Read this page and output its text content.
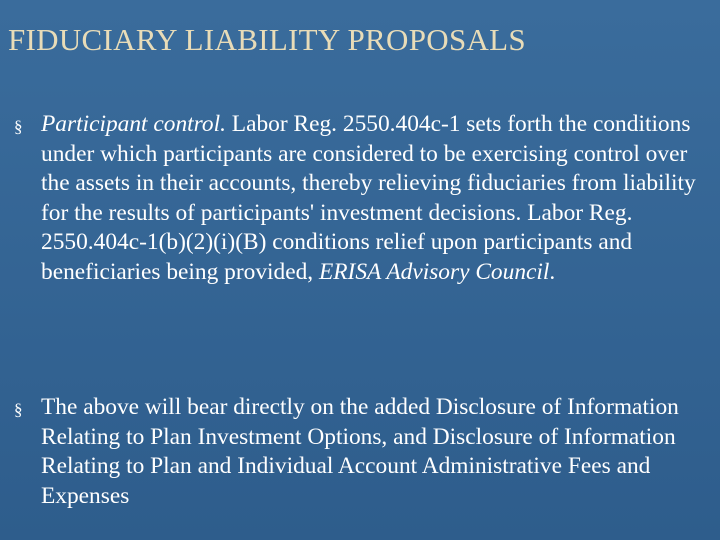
FIDUCIARY LIABILITY PROPOSALS
§ Participant control. Labor Reg. 2550.404c-1 sets forth the conditions under which participants are considered to be exercising control over the assets in their accounts, thereby relieving fiduciaries from liability for the results of participants' investment decisions. Labor Reg. 2550.404c-1(b)(2)(i)(B) conditions relief upon participants and beneficiaries being provided, ERISA Advisory Council.
§ The above will bear directly on the added Disclosure of Information Relating to Plan Investment Options, and Disclosure of Information Relating to Plan and Individual Account Administrative Fees and Expenses
